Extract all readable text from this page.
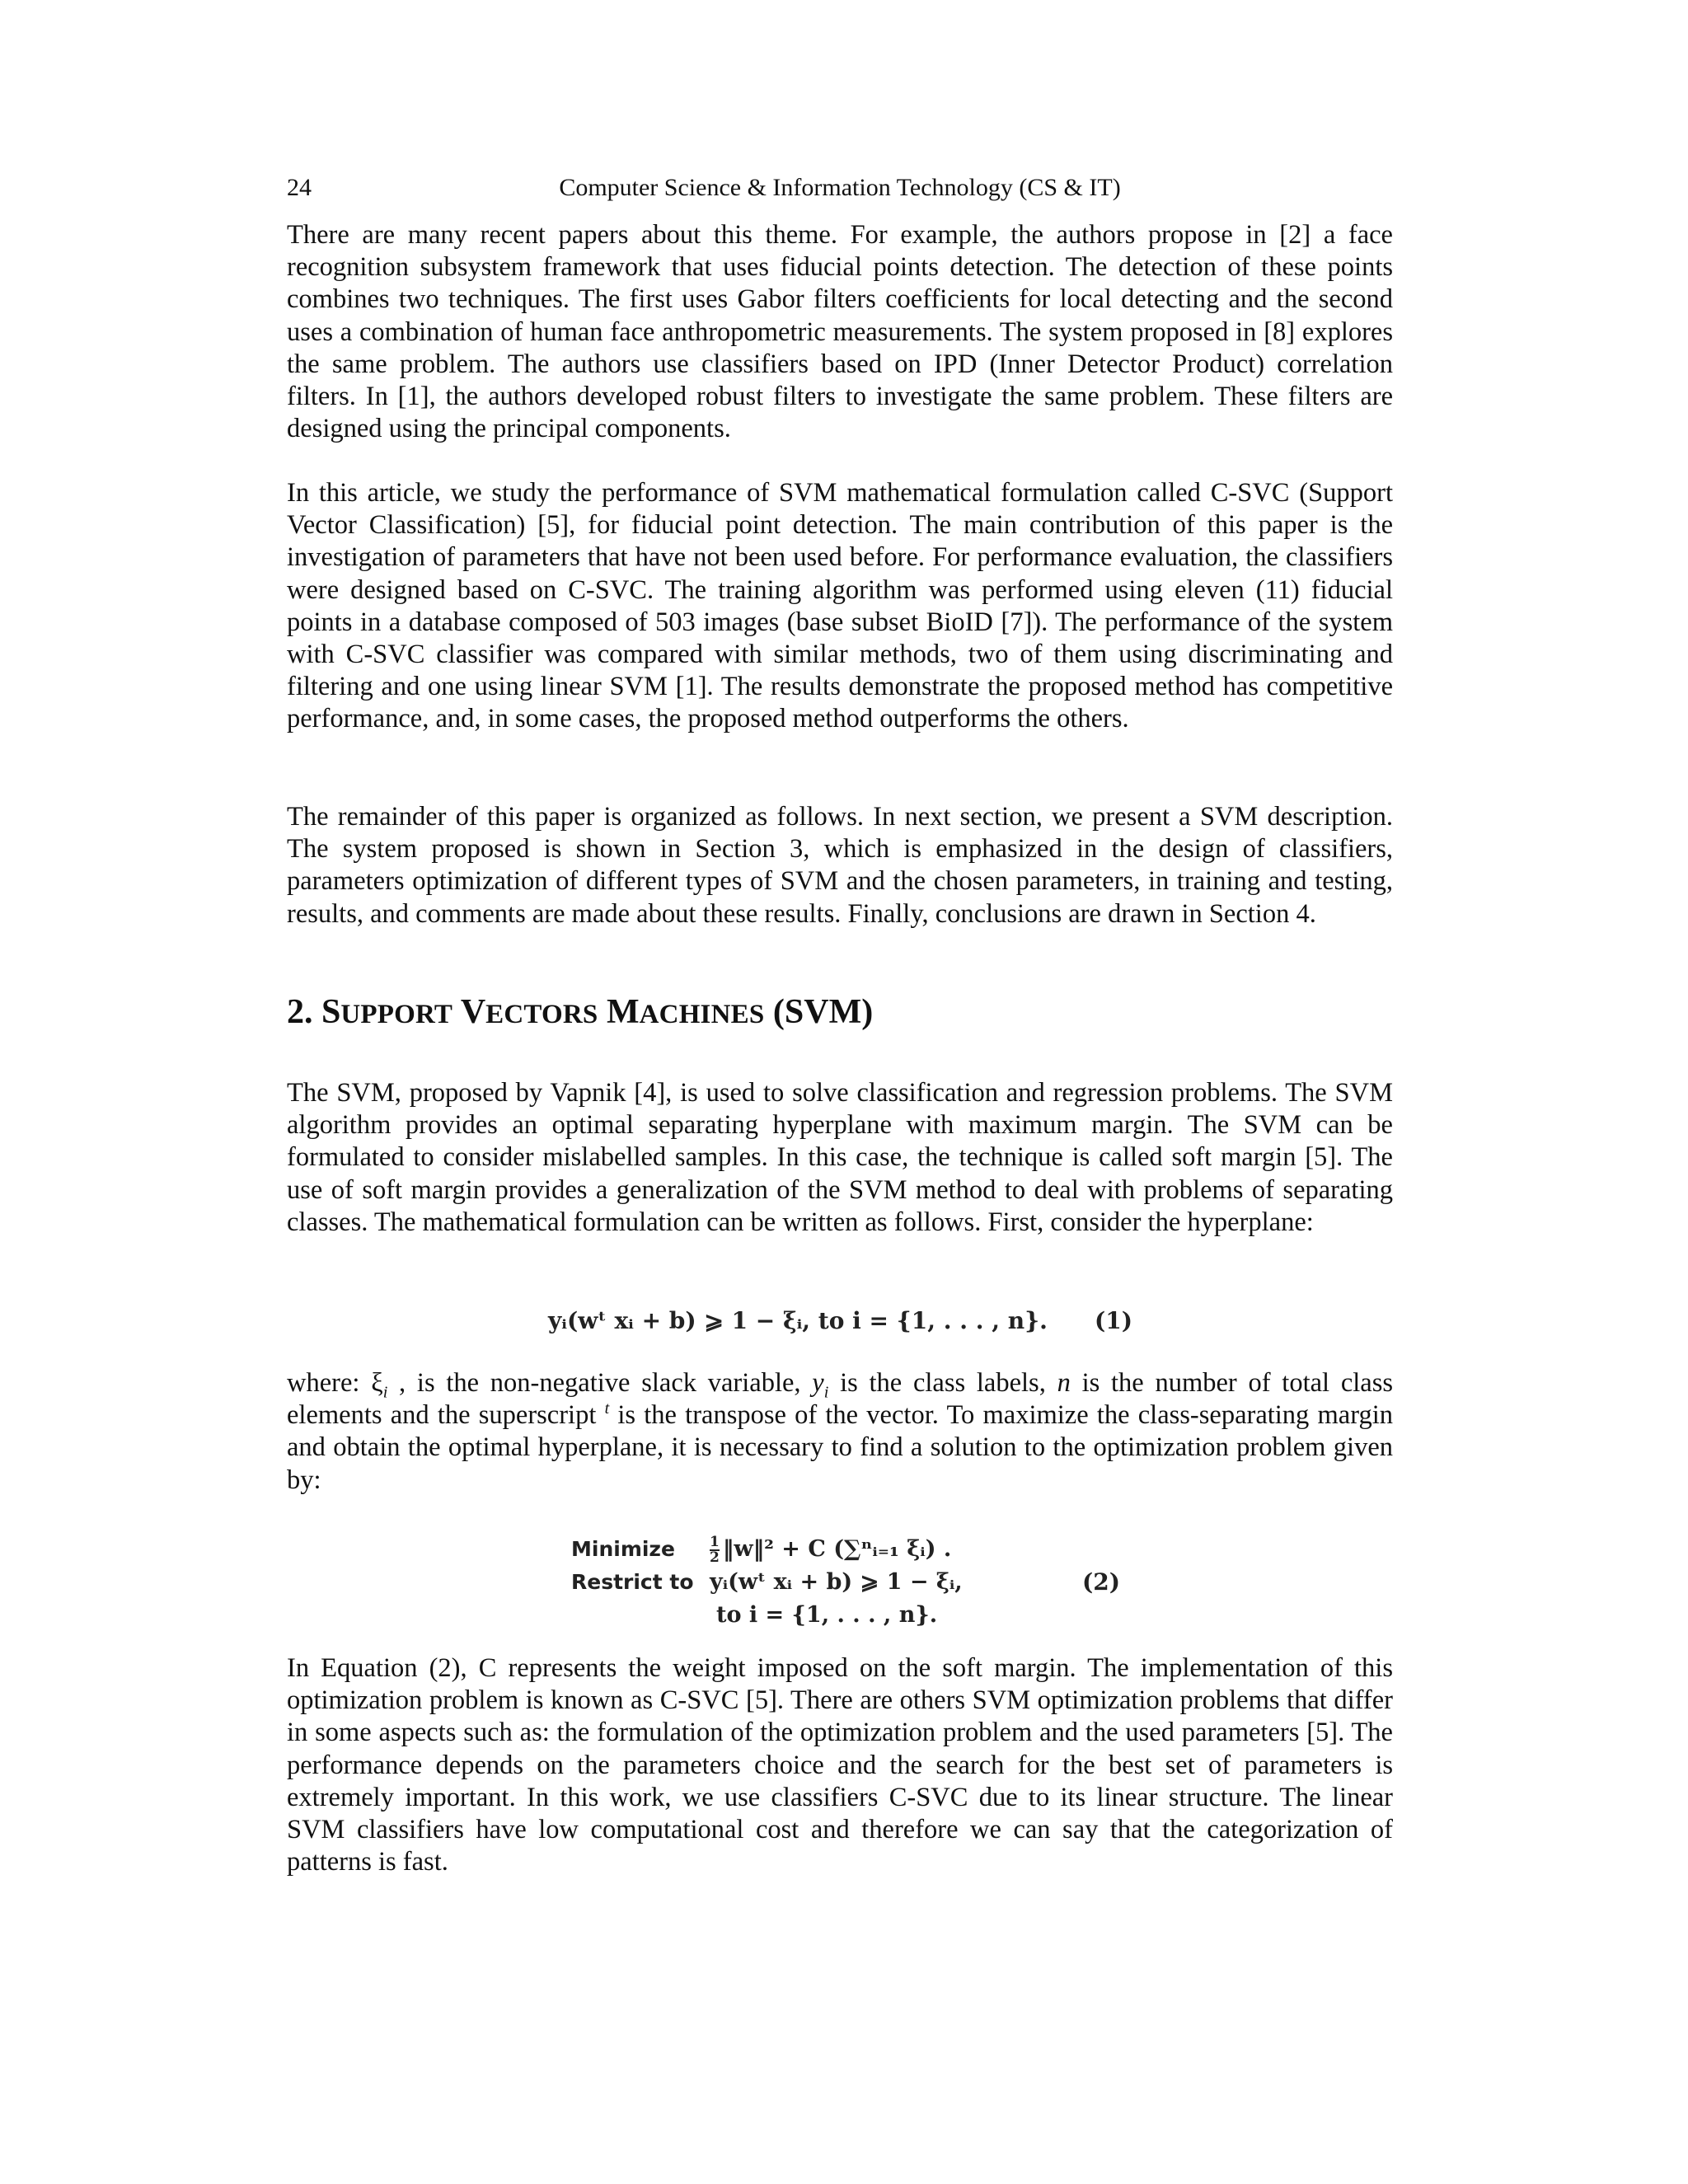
24	Computer Science & Information Technology (CS & IT)

There are many recent papers about this theme. For example, the authors propose in [2] a face recognition subsystem framework that uses fiducial points detection. The detection of these points combines two techniques. The first uses Gabor filters coefficients for local detecting and the second uses a combination of human face anthropometric measurements. The system proposed in [8] explores the same problem. The authors use classifiers based on IPD (Inner Detector Product) correlation filters. In [1], the authors developed robust filters to investigate the same problem. These filters are designed using the principal components.

In this article, we study the performance of SVM mathematical formulation called C-SVC (Support Vector Classification) [5], for fiducial point detection. The main contribution of this paper is the investigation of parameters that have not been used before. For performance evaluation, the classifiers were designed based on C-SVC. The training algorithm was performed using eleven (11) fiducial points in a database composed of 503 images (base subset BioID [7]). The performance of the system with C-SVC classifier was compared with similar methods, two of them using discriminating and filtering and one using linear SVM [1]. The results demonstrate the proposed method has competitive performance, and, in some cases, the proposed method outperforms the others.

The remainder of this paper is organized as follows. In next section, we present a SVM description. The system proposed is shown in Section 3, which is emphasized in the design of classifiers, parameters optimization of different types of SVM and the chosen parameters, in training and testing, results, and comments are made about these results. Finally, conclusions are drawn in Section 4.

2. SUPPORT VECTORS MACHINES (SVM)

The SVM, proposed by Vapnik [4], is used to solve classification and regression problems. The SVM algorithm provides an optimal separating hyperplane with maximum margin. The SVM can be formulated to consider mislabelled samples. In this case, the technique is called soft margin [5]. The use of soft margin provides a generalization of the SVM method to deal with problems of separating classes. The mathematical formulation can be written as follows. First, consider the hyperplane:

yᵢ(wᵗ xᵢ + b) ⩾ 1 − ξᵢ, to i = {1, . . . , n}. (1)

where: $\xi_i$ , is the non-negative slack variable, $y_i$ is the class labels, n is the number of total class elements and the superscript $^t$ is the transpose of the vector. To maximize the class-separating margin and obtain the optimal hyperplane, it is necessary to find a solution to the optimization problem given by:

Minimize $\frac{1}{2}$ ‖w‖² + C (∑ⁿᵢ₌₁ ξᵢ) .
Restrict to yᵢ(wᵗ xᵢ + b) ⩾ 1 − ξᵢ,
to i = {1, . . . , n}.
(2)

In Equation (2), C represents the weight imposed on the soft margin. The implementation of this optimization problem is known as C-SVC [5]. There are others SVM optimization problems that differ in some aspects such as: the formulation of the optimization problem and the used parameters [5]. The performance depends on the parameters choice and the search for the best set of parameters is extremely important. In this work, we use classifiers C-SVC due to its linear structure. The linear SVM classifiers have low computational cost and therefore we can say that the categorization of patterns is fast.
